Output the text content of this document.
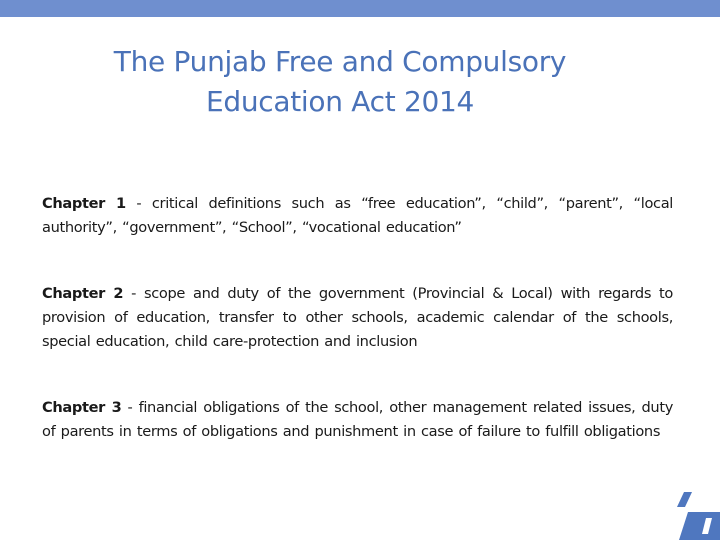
The Punjab Free and Compulsory
Education Act 2014

Chapter 1 - critical definitions such as “free education”, “child”, “parent”, “local authority”, “government”, “School”, “vocational education”

Chapter 2 - scope and duty of the government (Provincial & Local) with regards to provision of education, transfer to other schools, academic calendar of the schools, special education, child care-protection and inclusion

Chapter 3 - financial obligations of the school, other management related issues, duty of parents in terms of obligations and punishment in case of failure to fulfill obligations
